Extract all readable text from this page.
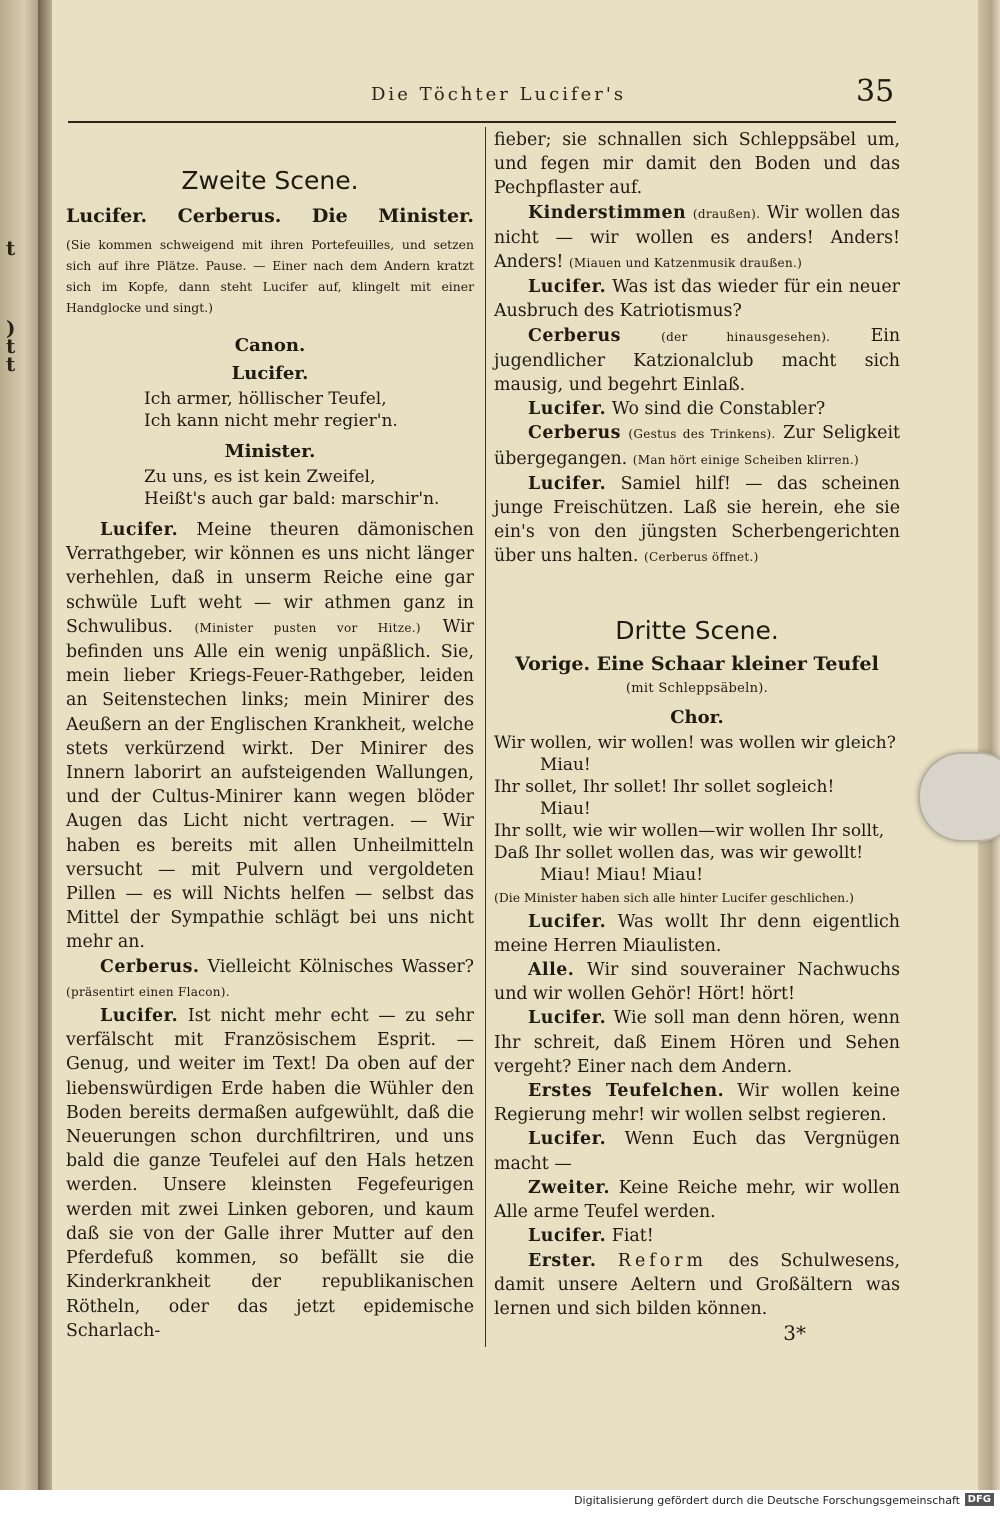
t
)
t
t
Die Töchter Lucifer's	35

Zweite Scene.

Lucifer. Cerberus. Die Minister.

(Sie kommen schweigend mit ihren Portefeuilles, und setzen sich auf ihre Plätze. Pause. — Einer nach dem Andern kratzt sich im Kopfe, dann steht Lucifer auf, klingelt mit einer Handglocke und singt.)

Canon.

Lucifer.

Ich armer, höllischer Teufel,

Ich kann nicht mehr regier'n.

Minister.

Zu uns, es ist kein Zweifel,

Heißt's auch gar bald: marschir'n.

Lucifer. Meine theuren dämonischen Verrathgeber, wir können es uns nicht länger verhehlen, daß in unserm Reiche eine gar schwüle Luft weht — wir athmen ganz in Schwulibus. (Minister pusten vor Hitze.) Wir befinden uns Alle ein wenig unpäßlich. Sie, mein lieber Kriegs-Feuer-Rathgeber, leiden an Seitenstechen links; mein Minirer des Aeußern an der Englischen Krankheit, welche stets verkürzend wirkt. Der Minirer des Innern laborirt an aufsteigenden Wallungen, und der Cultus-Minirer kann wegen blöder Augen das Licht nicht vertragen. — Wir haben es bereits mit allen Unheilmitteln versucht — mit Pulvern und vergoldeten Pillen — es will Nichts helfen — selbst das Mittel der Sympathie schlägt bei uns nicht mehr an.

Cerberus. Vielleicht Kölnisches Wasser? (präsentirt einen Flacon).

Lucifer. Ist nicht mehr echt — zu sehr verfälscht mit Französischem Esprit. — Genug, und weiter im Text! Da oben auf der liebenswürdigen Erde haben die Wühler den Boden bereits dermaßen aufgewühlt, daß die Neuerungen schon durchfiltriren, und uns bald die ganze Teufelei auf den Hals hetzen werden. Unsere kleinsten Fegefeurigen werden mit zwei Linken geboren, und kaum daß sie von der Galle ihrer Mutter auf den Pferdefuß kommen, so befällt sie die Kinderkrankheit der republikanischen Rötheln, oder das jetzt epidemische Scharlach-

fieber; sie schnallen sich Schleppsäbel um, und fegen mir damit den Boden und das Pechpflaster auf.

Kinderstimmen (draußen). Wir wollen das nicht — wir wollen es anders! Anders! Anders! (Miauen und Katzenmusik draußen.)

Lucifer. Was ist das wieder für ein neuer Ausbruch des Katriotismus?

Cerberus	(der hinausgesehen). Ein jugendlicher Katzionalclub macht sich mausig, und begehrt Einlaß.

Lucifer. Wo sind die Constabler?

Cerberus (Gestus des Trinkens). Zur Seligkeit übergegangen. (Man hört einige Scheiben klirren.)

Lucifer. Samiel hilf! — das scheinen junge Freischützen. Laß sie herein, ehe sie ein's von den jüngsten Scherbengerichten über uns halten. (Cerberus öffnet.)

Dritte Scene.

Vorige. Eine Schaar kleiner Teufel

(mit Schleppsäbeln).

Chor.

Wir wollen, wir wollen! was wollen wir gleich?

Miau!

Ihr sollet, Ihr sollet! Ihr sollet sogleich!

Miau!

Ihr sollt, wie wir wollen—wir wollen Ihr sollt,

Daß Ihr sollet wollen das, was wir gewollt!

Miau! Miau! Miau!

(Die Minister haben sich alle hinter Lucifer geschlichen.)

Lucifer. Was wollt Ihr denn eigentlich meine Herren Miaulisten.

Alle. Wir sind souverainer Nachwuchs und wir wollen Gehör! Hört! hört!

Lucifer. Wie soll man denn hören, wenn Ihr schreit, daß Einem Hören und Sehen vergeht? Einer nach dem Andern.

Erstes Teufelchen. Wir wollen keine Regierung mehr! wir wollen selbst regieren.

Lucifer. Wenn Euch das Vergnügen macht —

Zweiter. Keine Reiche mehr, wir wollen Alle arme Teufel werden.

Lucifer. Fiat!

Erster. Reform des Schulwesens, damit unsere Aeltern und Großältern was lernen und sich bilden können.

3*

Digitalisierung gefördert durch die Deutsche Forschungsgemeinschaft DFG
